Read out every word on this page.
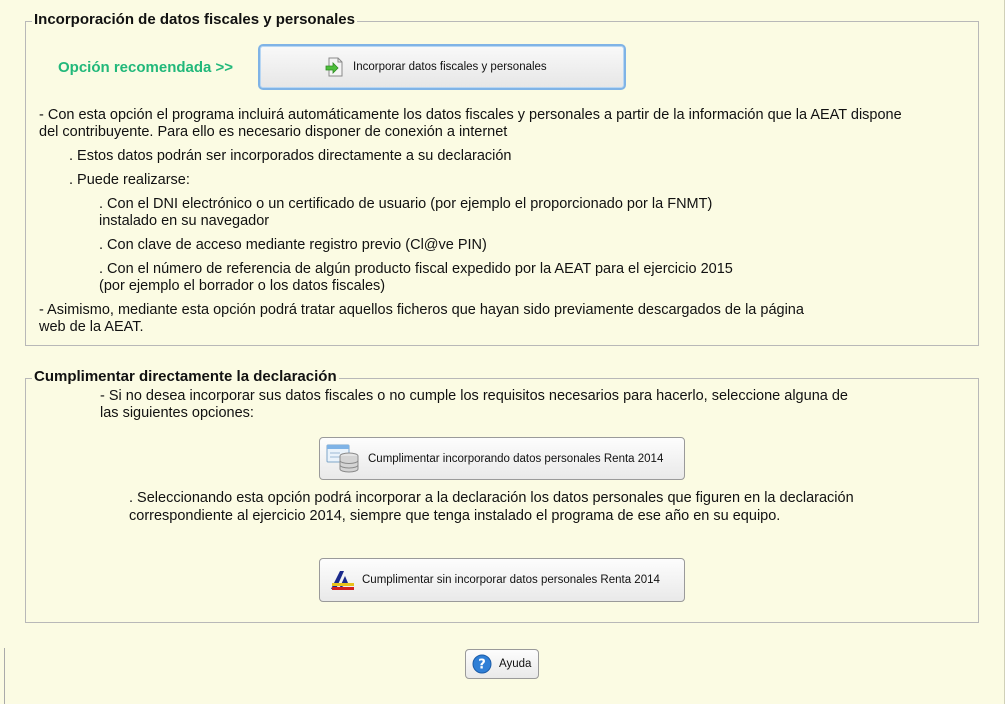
Incorporación de datos fiscales y personales
Opción recomendada >>	Incorporar datos fiscales y personales
- Con esta opción el programa incluirá automáticamente los datos fiscales y personales a partir de la información que la AEAT dispone
del contribuyente. Para ello es necesario disponer de conexión a internet
. Estos datos podrán ser incorporados directamente a su declaración
. Puede realizarse:
. Con el DNI electrónico o un certificado de usuario (por ejemplo el proporcionado por la FNMT)
instalado en su navegador
. Con clave de acceso mediante registro previo (Cl@ve PIN)
. Con el número de referencia de algún producto fiscal expedido por la AEAT para el ejercicio 2015
(por ejemplo el borrador o los datos fiscales)
- Asimismo, mediante esta opción podrá tratar aquellos ficheros que hayan sido previamente descargados de la página
web de la AEAT.
Cumplimentar directamente la declaración
- Si no desea incorporar sus datos fiscales o no cumple los requisitos necesarios para hacerlo, seleccione alguna de
las siguientes opciones:
Cumplimentar incorporando datos personales Renta 2014
. Seleccionando esta opción podrá incorporar a la declaración los datos personales que figuren en la declaración
correspondiente al ejercicio 2014, siempre que tenga instalado el programa de ese año en su equipo.
Cumplimentar sin incorporar datos personales Renta 2014
? Ayuda
